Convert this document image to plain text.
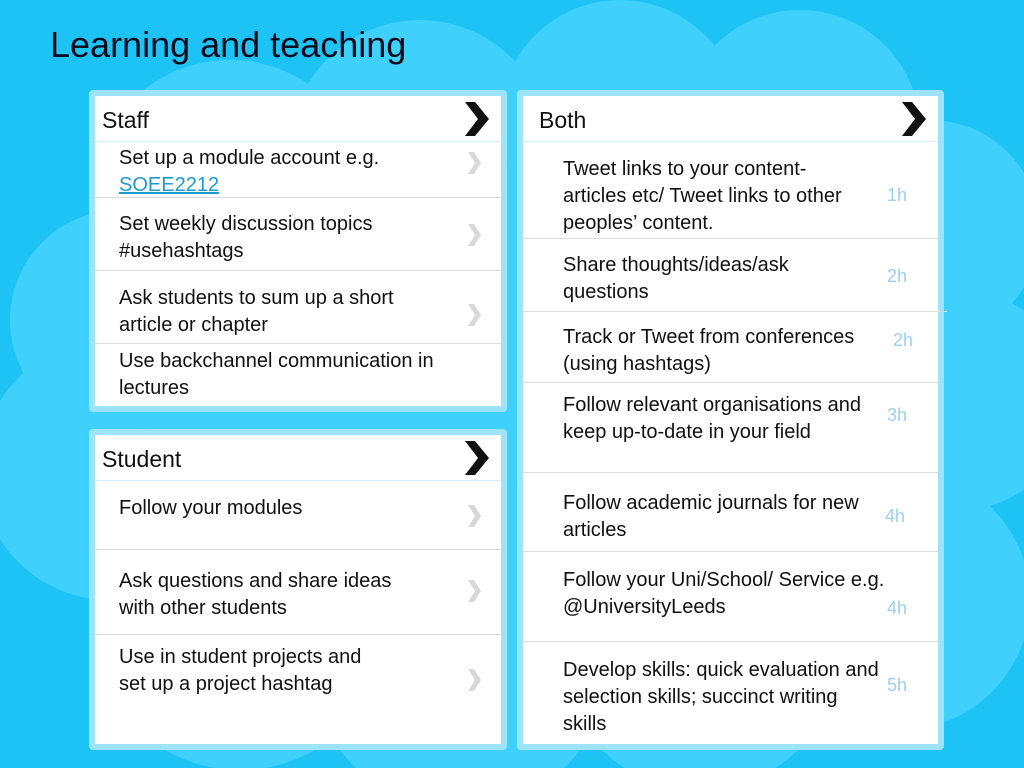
Learning and teaching
Staff
Set up a module account e.g.
SOEE2212
Set weekly discussion topics #usehashtags
Ask students to sum up a short article or chapter
Use backchannel communication in lectures
Student
Follow your modules
Ask questions and share ideas with other students
Use in student projects and set up a project hashtag
Both
Tweet links to your content- articles etc/ Tweet links to other peoples’ content.
1h
Share thoughts/ideas/ask questions
2h
Track or Tweet from conferences (using hashtags)
2h
Follow relevant organisations and keep up-to-date in your field
3h
Follow academic journals for new articles
4h
Follow your Uni/School/ Service e.g. @UniversityLeeds	4h
Develop skills: quick evaluation and selection skills; succinct writing skills
5h
